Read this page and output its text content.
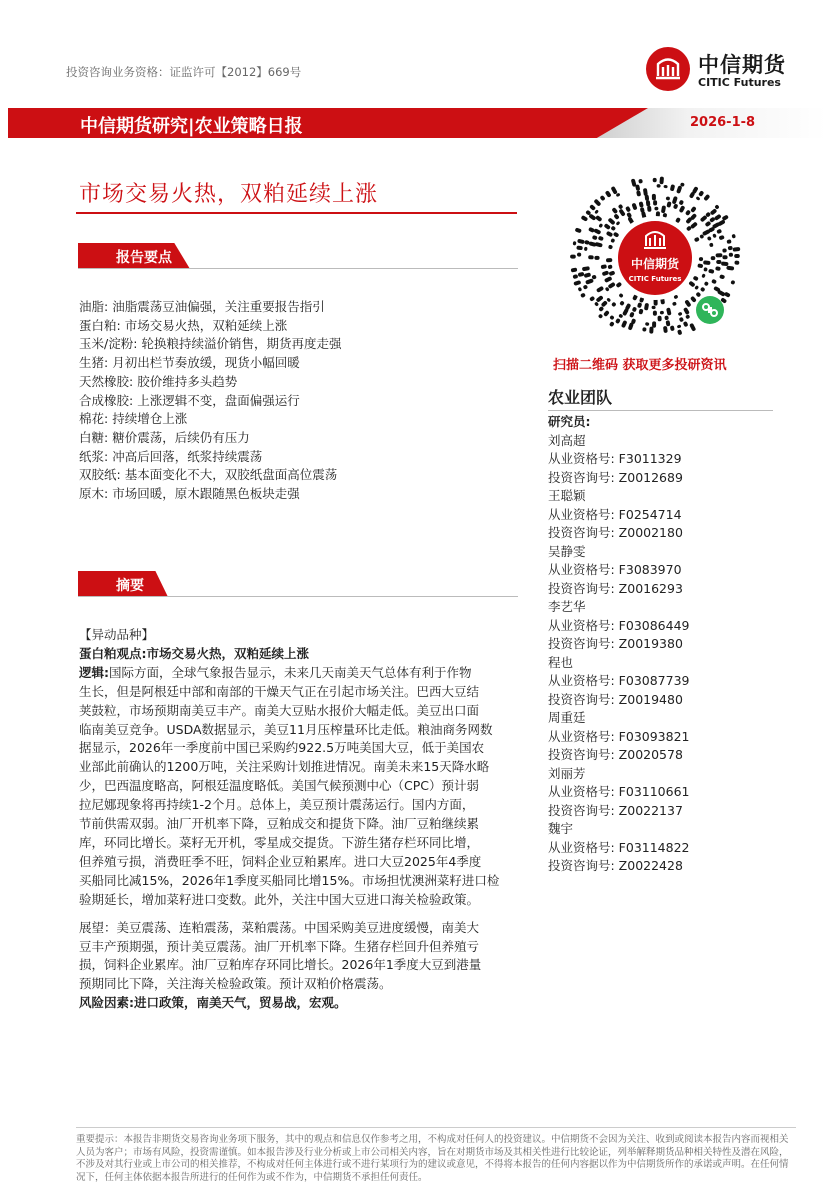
投资咨询业务资格：证监许可【2012】669号	中信期货
CITIC Futures
中信期货研究|农业策略日报	2026-1-8
市场交易火热，双粕延续上涨
报告要点
油脂: 油脂震荡豆油偏强，关注重要报告指引
蛋白粕: 市场交易火热，双粕延续上涨
玉米/淀粉: 轮换粮持续溢价销售，期货再度走强
生猪: 月初出栏节奏放缓，现货小幅回暖
天然橡胶: 胶价维持多头趋势
合成橡胶: 上涨逻辑不变，盘面偏强运行
棉花: 持续增仓上涨
白糖: 糖价震荡，后续仍有压力
纸浆: 冲高后回落，纸浆持续震荡
双胶纸: 基本面变化不大，双胶纸盘面高位震荡
原木: 市场回暖，原木跟随黑色板块走强
摘要
【异动品种】
蛋白粕观点:市场交易火热，双粕延续上涨
逻辑:国际方面，全球气象报告显示，未来几天南美天气总体有利于作物
生长，但是阿根廷中部和南部的干燥天气正在引起市场关注。巴西大豆结
荚鼓粒，市场预期南美豆丰产。南美大豆贴水报价大幅走低。美豆出口面
临南美豆竞争。USDA数据显示，美豆11月压榨量环比走低。粮油商务网数
据显示，2026年一季度前中国已采购约922.5万吨美国大豆，低于美国农
业部此前确认的1200万吨，关注采购计划推进情况。南美未来15天降水略
少，巴西温度略高，阿根廷温度略低。美国气候预测中心（CPC）预计弱
拉尼娜现象将再持续1-2个月。总体上，美豆预计震荡运行。国内方面，
节前供需双弱。油厂开机率下降，豆粕成交和提货下降。油厂豆粕继续累
库，环同比增长。菜籽无开机，零星成交提货。下游生猪存栏环同比增，
但养殖亏损，消费旺季不旺，饲料企业豆粕累库。进口大豆2025年4季度
买船同比减15%，2026年1季度买船同比增15%。市场担忧澳洲菜籽进口检
验期延长，增加菜籽进口变数。此外，关注中国大豆进口海关检验政策。
展望：美豆震荡、连粕震荡，菜粕震荡。中国采购美豆进度缓慢，南美大
豆丰产预期强，预计美豆震荡。油厂开机率下降。生猪存栏回升但养殖亏
损，饲料企业累库。油厂豆粕库存环同比增长。2026年1季度大豆到港量
预期同比下降，关注海关检验政策。预计双粕价格震荡。
风险因素:进口政策，南美天气，贸易战，宏观。
中信期货
CITIC Futures
扫描二维码 获取更多投研资讯
农业团队
研究员:
刘高超
从业资格号: F3011329
投资咨询号: Z0012689
王聪颖
从业资格号: F0254714
投资咨询号: Z0002180
吴静雯
从业资格号: F3083970
投资咨询号: Z0016293
李艺华
从业资格号: F03086449
投资咨询号: Z0019380
程也
从业资格号: F03087739
投资咨询号: Z0019480
周重廷
从业资格号: F03093821
投资咨询号: Z0020578
刘丽芳
从业资格号: F03110661
投资咨询号: Z0022137
魏宇
从业资格号: F03114822
投资咨询号: Z0022428
重要提示：本报告非期货交易咨询业务项下服务，其中的观点和信息仅作参考之用，不构成对任何人的投资建议。中信期货不会因为关注、收到或阅读本报告内容而视相关人员为客户；市场有风险，投资需谨慎。如本报告涉及行业分析或上市公司相关内容，旨在对期货市场及其相关性进行比较论证，列举解释期货品种相关特性及潜在风险，不涉及对其行业或上市公司的相关推荐，不构成对任何主体进行或不进行某项行为的建议或意见，不得将本报告的任何内容据以作为中信期货所作的承诺或声明。在任何情况下，任何主体依据本报告所进行的任何作为或不作为，中信期货不承担任何责任。
